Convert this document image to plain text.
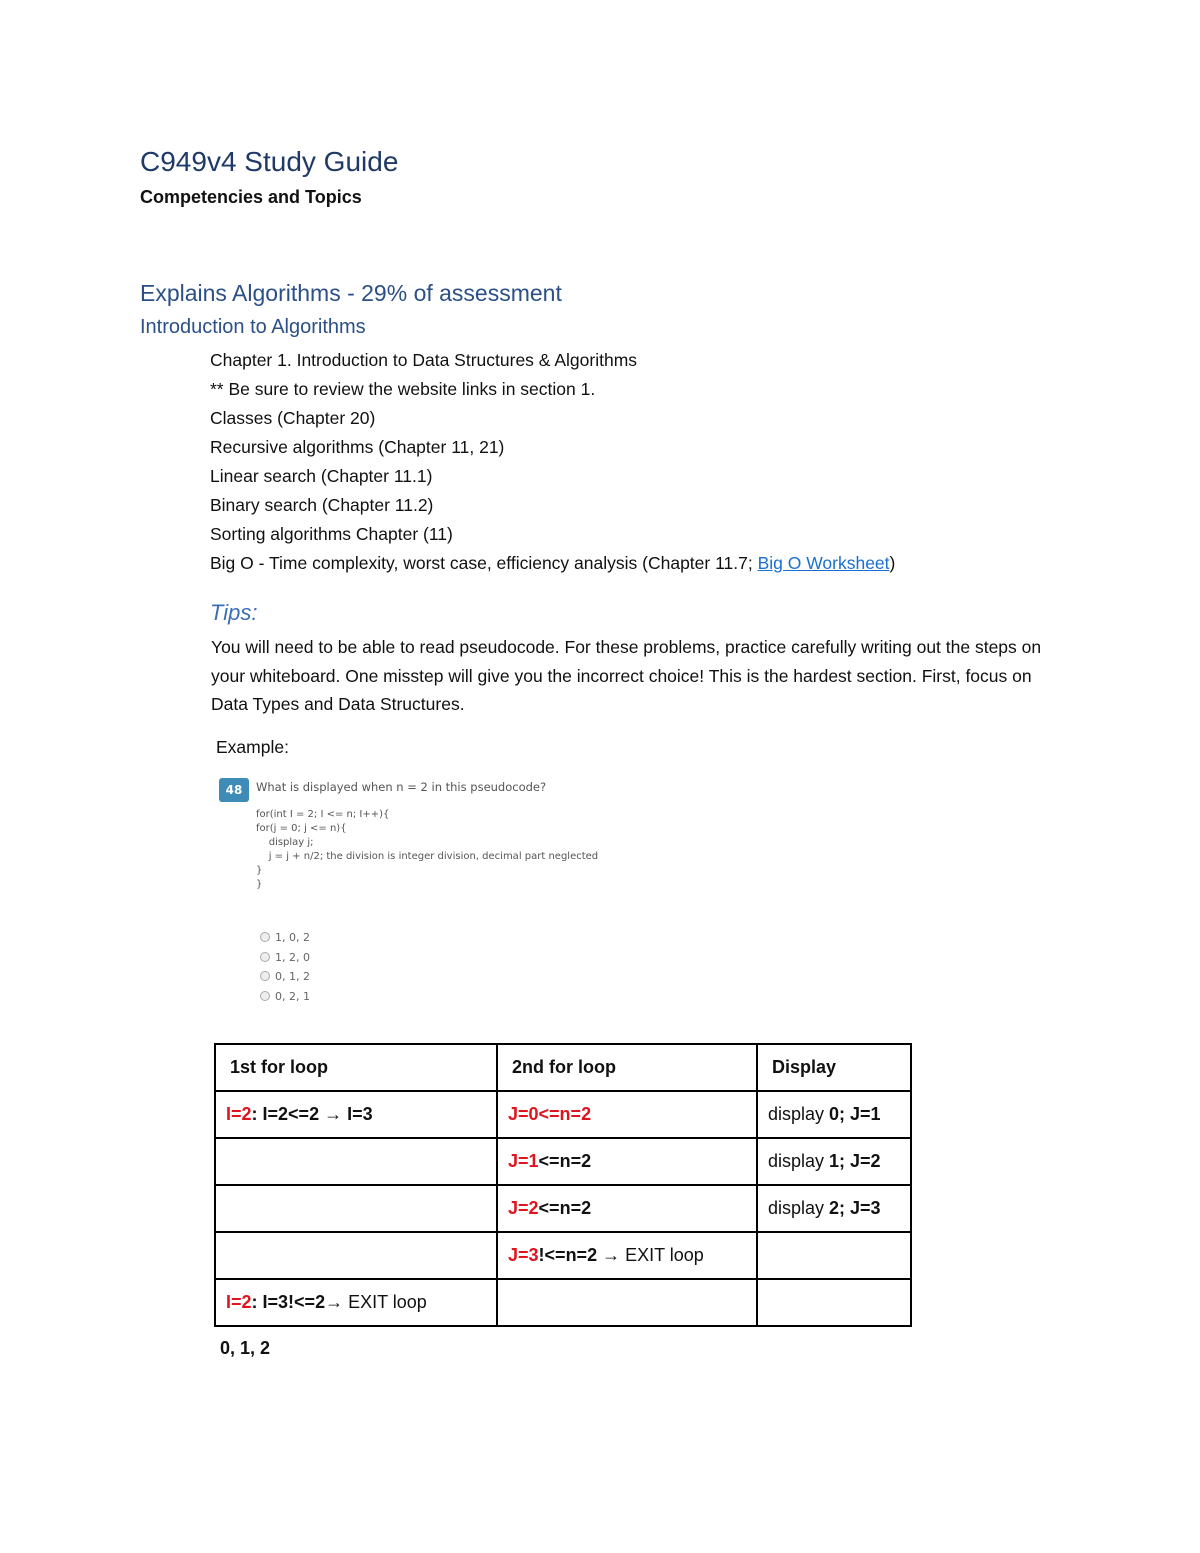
C949v4 Study Guide
Competencies and Topics
Explains Algorithms - 29% of assessment
Introduction to Algorithms
Chapter 1. Introduction to Data Structures & Algorithms
** Be sure to review the website links in section 1.
Classes (Chapter 20)
Recursive algorithms (Chapter 11, 21)
Linear search (Chapter 11.1)
Binary search (Chapter 11.2)
Sorting algorithms Chapter (11)
Big O - Time complexity, worst case, efficiency analysis (Chapter 11.7; Big O Worksheet)
Tips:

You will need to be able to read pseudocode. For these problems, practice carefully writing out the steps on your whiteboard. One misstep will give you the incorrect choice! This is the hardest section. First, focus on Data Types and Data Structures.

Example:
48	What is displayed when n = 2 in this pseudocode?
for(int I = 2; I <= n; I++){
for(j = 0; j <= n){
display j;
j = j + n/2; the division is integer division, decimal part neglected
}
}
1, 0, 2
1, 2, 0
0, 1, 2
0, 2, 1
1st for loop	2nd for loop	Display
I=2: I=2<=2 → I=3	J=0<=n=2	display 0; J=1
	J=1<=n=2	display 1; J=2
	J=2<=n=2	display 2; J=3
	J=3!<=n=2 → EXIT loop	
I=2: I=3!<=2→ EXIT loop		
0, 1, 2
